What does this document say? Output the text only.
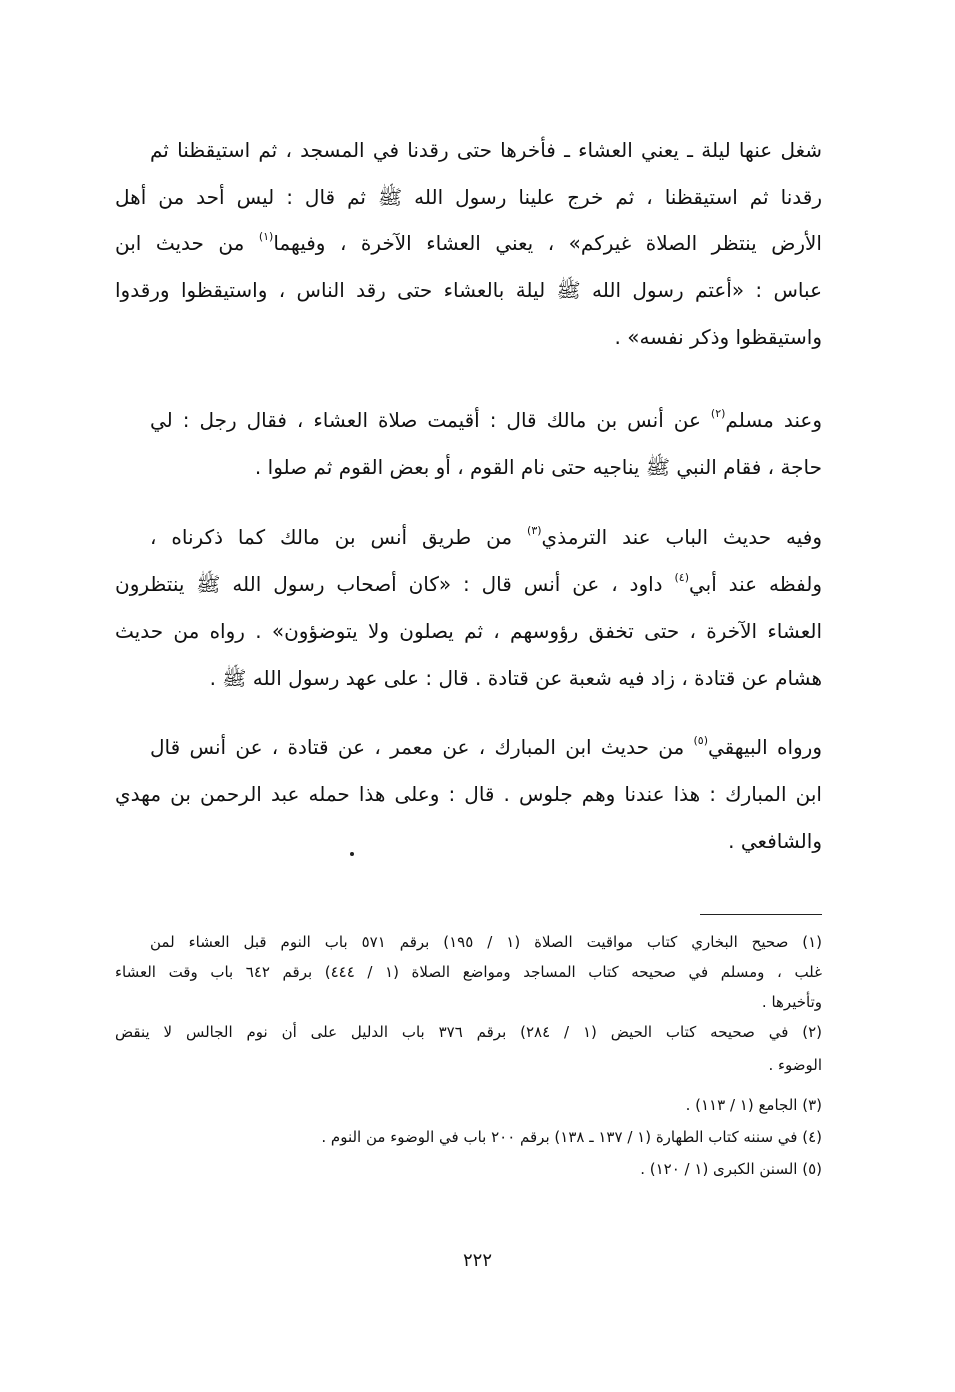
شغل عنها ليلة ـ يعني العشاء ـ فأخرها حتى رقدنا في المسجد ، ثم استيقظنا ثم
رقدنا ثم استيقظنا ، ثم خرج علينا رسول الله ﷺ ثم قال : ليس أحد من أهل
الأرض ينتظر الصلاة غيركم» ، يعني العشاء الآخرة ، وفيهما$^{(١)}$ من حديث ابن
عباس : «أعتم رسول الله ﷺ ليلة بالعشاء حتى رقد الناس ، واستيقظوا ورقدوا
واستيقظوا وذكر نفسه» .
وعند مسلم$^{(٢)}$ عن أنس بن مالك قال : أقيمت صلاة العشاء ، فقال رجل : لي
حاجة ، فقام النبي ﷺ يناجيه حتى نام القوم ، أو بعض القوم ثم صلوا .
وفيه حديث الباب عند الترمذي$^{(٣)}$ من طريق أنس بن مالك كما ذكرناه ،
ولفظه عند أبي$^{(٤)}$ داود ، عن أنس قال : «كان أصحاب رسول الله ﷺ ينتظرون
العشاء الآخرة ، حتى تخفق رؤوسهم ، ثم يصلون ولا يتوضؤون» . رواه من حديث
هشام عن قتادة ، زاد فيه شعبة عن قتادة . قال : على عهد رسول الله ﷺ .
ورواه البيهقي$^{(٥)}$ من حديث ابن المبارك ، عن معمر ، عن قتادة ، عن أنس قال
ابن المبارك : هذا عندنا وهم جلوس . قال : وعلى هذا حمله عبد الرحمن بن مهدي
والشافعي .
(١) صحيح البخاري كتاب مواقيت الصلاة (١ / ١٩٥) برقم ٥٧١ باب النوم قبل العشاء لمن
غلب ، ومسلم في صحيحه كتاب المساجد ومواضع الصلاة (١ / ٤٤٤) برقم ٦٤٢ باب وقت العشاء
وتأخيرها .
(٢) في صحيحه كتاب الحيض (١ / ٢٨٤) برقم ٣٧٦ باب الدليل على أن نوم الجالس لا ينقض
الوضوء .
(٣) الجامع (١ / ١١٣) .
(٤) في سننه كتاب الطهارة (١ / ١٣٧ ـ ١٣٨) برقم ٢٠٠ باب في الوضوء من النوم .
(٥) السنن الكبرى (١ / ١٢٠) .
٢٢٢
